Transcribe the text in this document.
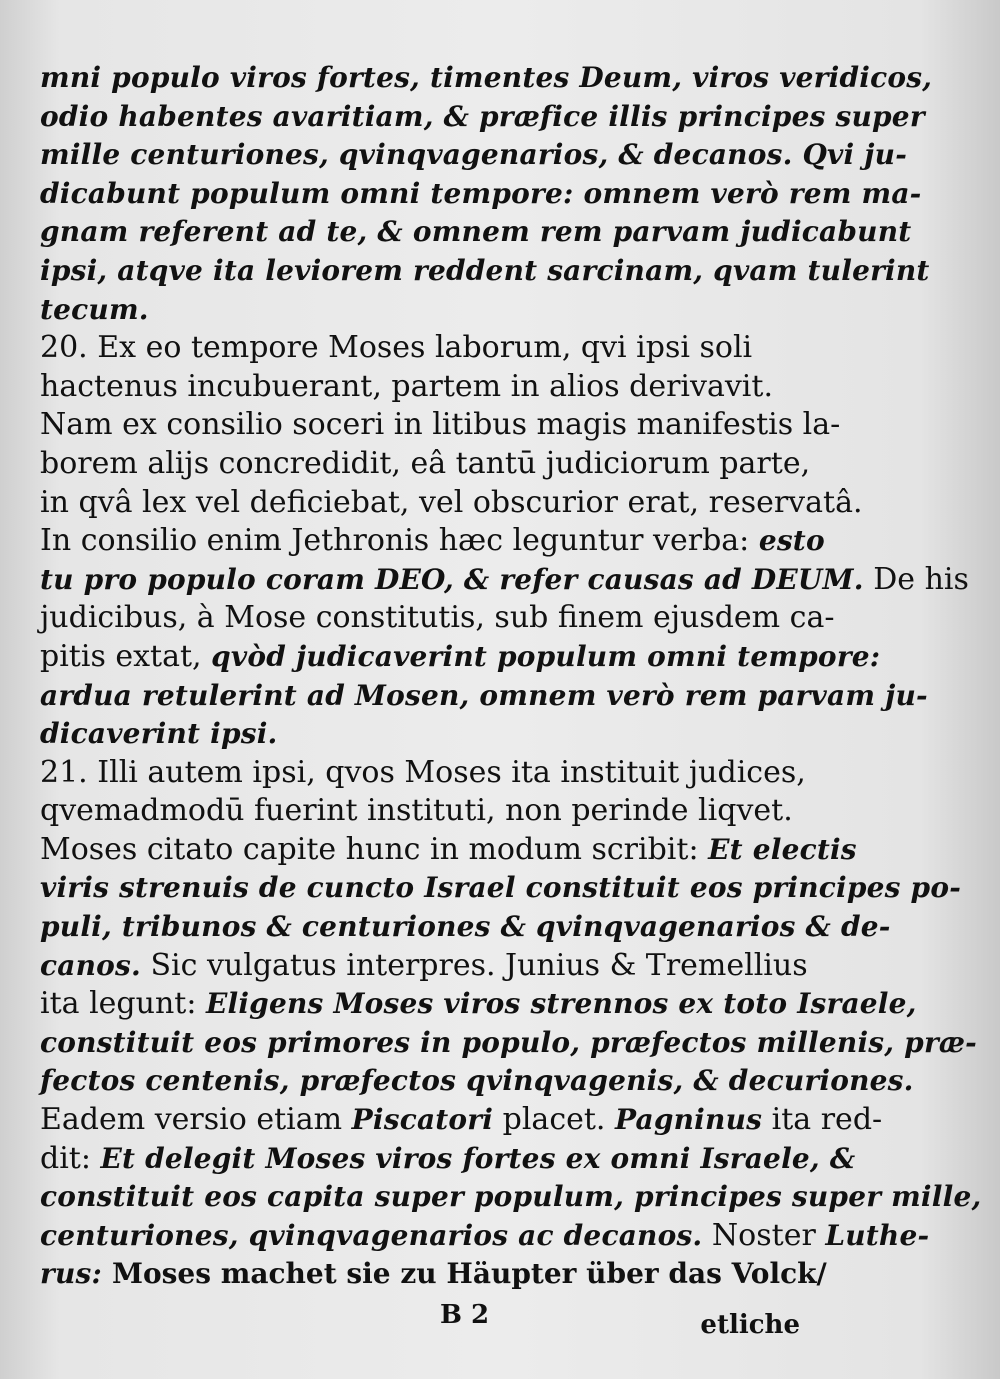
mni populo viros fortes, timentes Deum, viros veridicos,
odio habentes avaritiam, & præfice illis principes super
mille centuriones, qvinqvagenarios, & decanos. Qvi ju-
dicabunt populum omni tempore: omnem verò rem ma-
gnam referent ad te, & omnem rem parvam judicabunt
ipsi, atqve ita leviorem reddent sarcinam, qvam tulerint
tecum.
20. Ex eo tempore Moses laborum, qvi ipsi soli
hactenus incubuerant, partem in alios derivavit.
Nam ex consilio soceri in litibus magis manifestis la-
borem alijs concredidit, eâ tantū judiciorum parte,
in qvâ lex vel deficiebat, vel obscurior erat, reservatâ.
In consilio enim Jethronis hæc leguntur verba: esto
tu pro populo coram DEO, & refer causas ad DEUM. De his
judicibus, à Mose constitutis, sub finem ejusdem ca-
pitis extat, qvòd judicaverint populum omni tempore:
ardua retulerint ad Mosen, omnem verò rem parvam ju-
dicaverint ipsi.
21. Illi autem ipsi, qvos Moses ita instituit judices,
qvemadmodū fuerint instituti, non perinde liqvet.
Moses citato capite hunc in modum scribit: Et electis
viris strenuis de cuncto Israel constituit eos principes po-
puli, tribunos & centuriones & qvinqvagenarios & de-
canos. Sic vulgatus interpres. Junius & Tremellius
ita legunt: Eligens Moses viros strennos ex toto Israele,
constituit eos primores in populo, præfectos millenis, præ-
fectos centenis, præfectos qvinqvagenis, & decuriones.
Eadem versio etiam Piscatori placet. Pagninus ita red-
dit: Et delegit Moses viros fortes ex omni Israele, &
constituit eos capita super populum, principes super mille,
centuriones, qvinqvagenarios ac decanos. Noster Luthe-
rus: Moses machet sie zu Häupter über das Volck/
B 2	etliche
